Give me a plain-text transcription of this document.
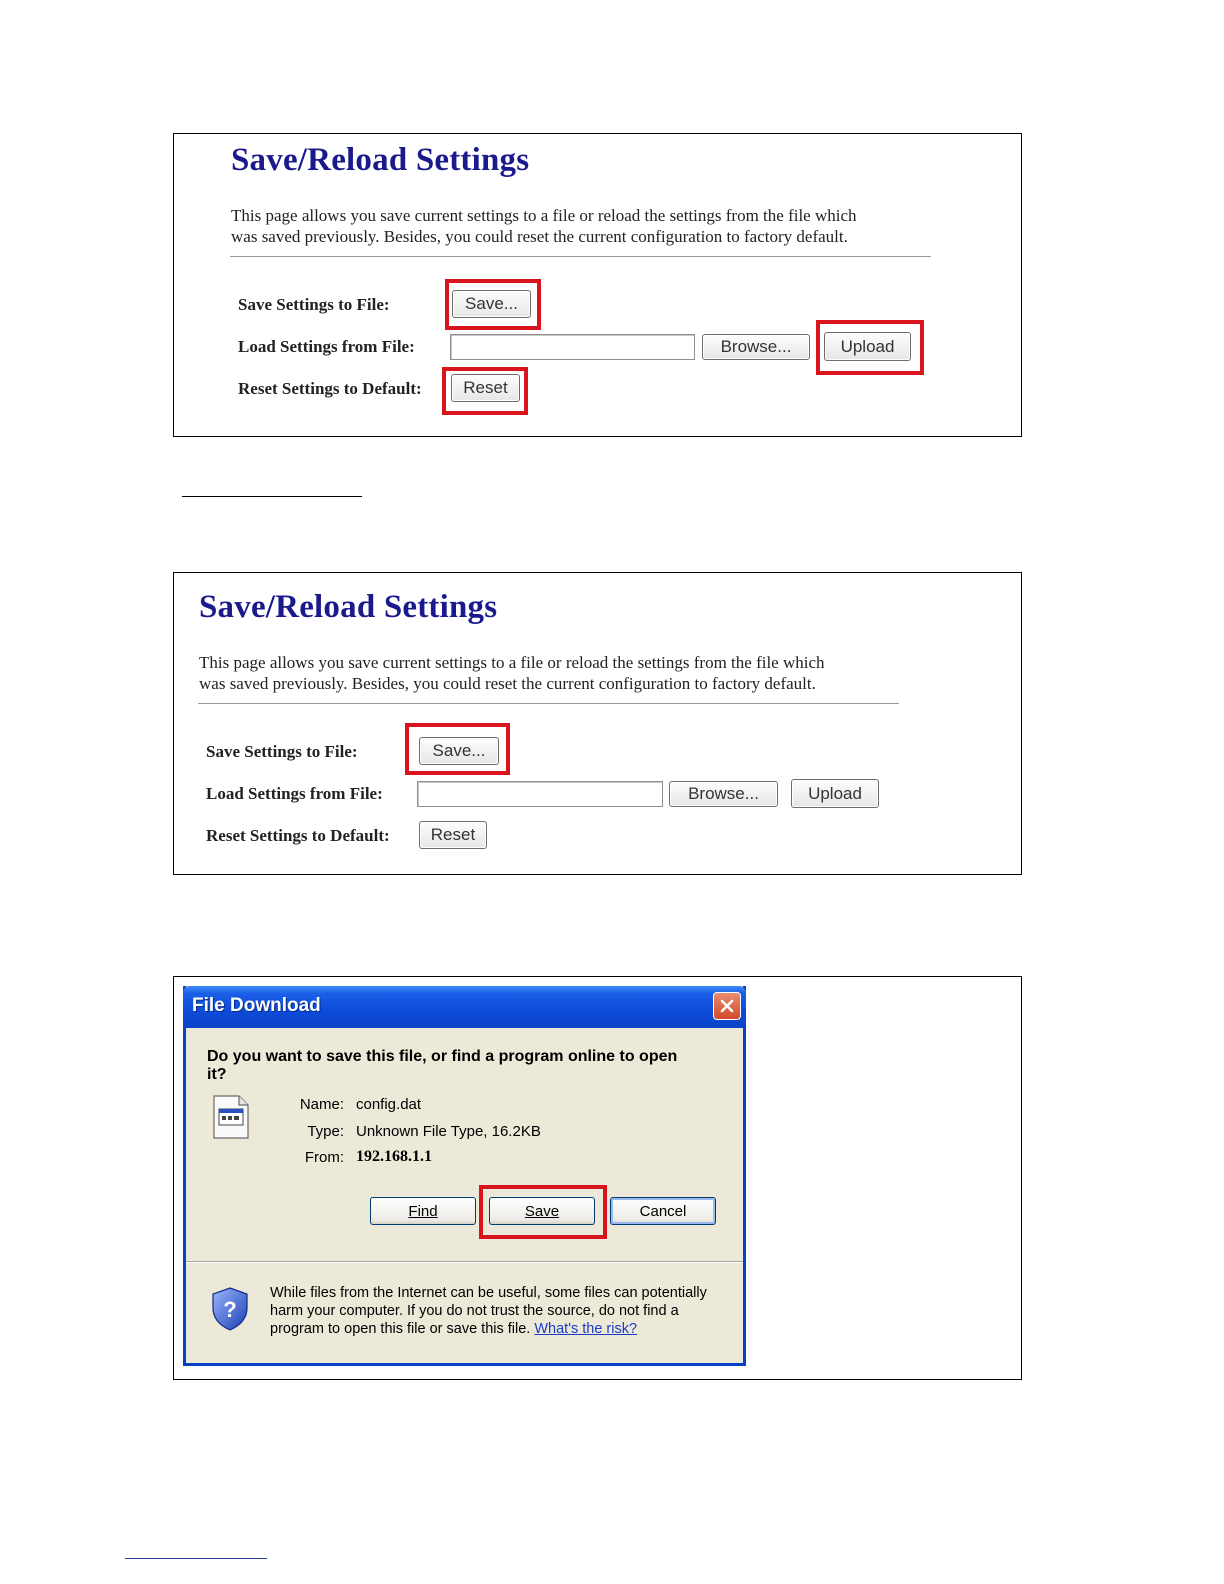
Save/Reload Settings

This page allows you save current settings to a file or reload the settings from the file which
was saved previously. Besides, you could reset the current configuration to factory default.

Save Settings to File:	Save...
Load Settings from File:	Browse...	Upload
Reset Settings to Default:	Reset
Save/Reload Settings

This page allows you save current settings to a file or reload the settings from the file which
was saved previously. Besides, you could reset the current configuration to factory default.

Save Settings to File:	Save...
Load Settings from File:	Browse...	Upload
Reset Settings to Default:	Reset
File Download

Do you want to save this file, or find a program online to open
it?

Name: config.dat
Type: Unknown File Type, 16.2KB
From: 192.168.1.1
Find	Save	Cancel
?

While files from the Internet can be useful, some files can potentially
harm your computer. If you do not trust the source, do not find a
program to open this file or save this file. What's the risk?
